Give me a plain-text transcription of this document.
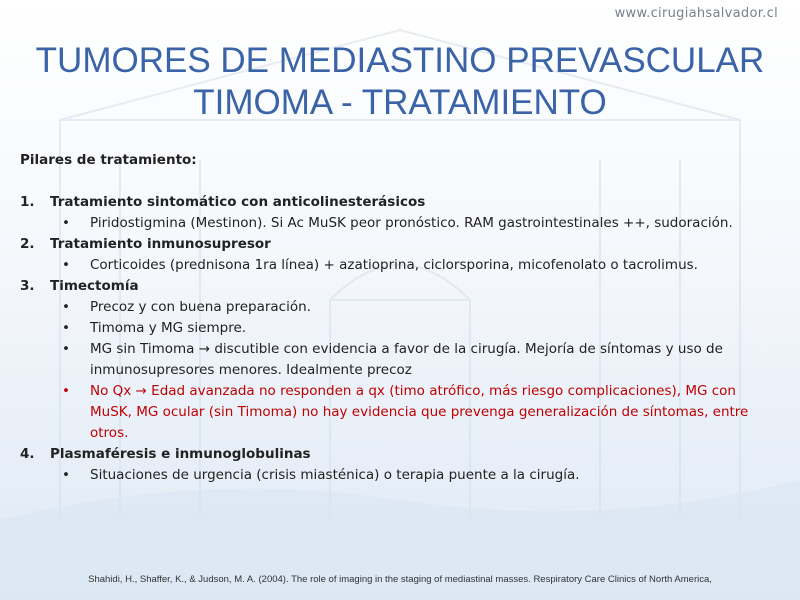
www.cirugiahsalvador.cl
TUMORES DE MEDIASTINO PREVASCULAR
TIMOMA - TRATAMIENTO
Pilares de tratamiento:
1. Tratamiento sintomático con anticolinesterásicos
• Piridostigmina (Mestinon). Si Ac MuSK peor pronóstico. RAM gastrointestinales ++, sudoración.
2. Tratamiento inmunosupresor
• Corticoides (prednisona 1ra línea) + azatioprina, ciclorsporina, micofenolato o tacrolimus.
3. Timectomía
• Precoz y con buena preparación.
• Timoma y MG siempre.
• MG sin Timoma → discutible con evidencia a favor de la cirugía. Mejoría de síntomas y uso de inmunosupresores menores. Idealmente precoz
• No Qx → Edad avanzada no responden a qx (timo atrófico, más riesgo complicaciones), MG con MuSK, MG ocular (sin Timoma) no hay evidencia que prevenga generalización de síntomas, entre otros.
4. Plasmaféresis e inmunoglobulinas
• Situaciones de urgencia (crisis miasténica) o terapia puente a la cirugía.
Shahidi, H., Shaffer, K., & Judson, M. A. (2004). The role of imaging in the staging of mediastinal masses. Respiratory Care Clinics of North America,
